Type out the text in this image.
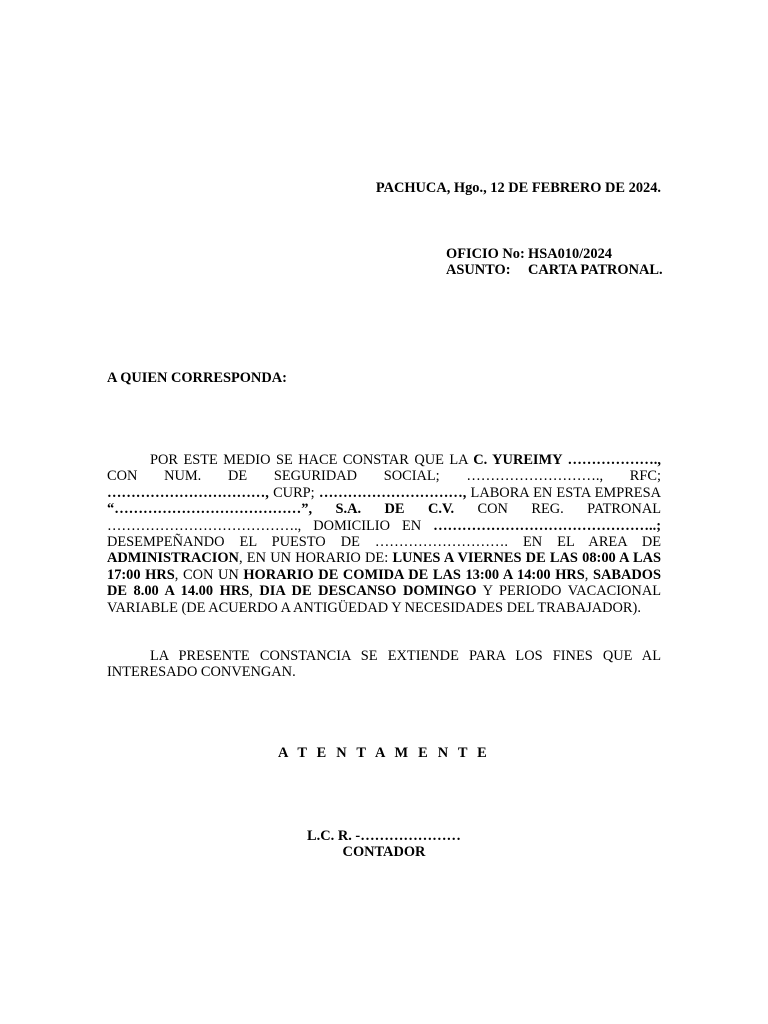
PACHUCA, Hgo., 12 DE FEBRERO DE 2024.
OFICIO No: HSA010/2024
ASUNTO: CARTA PATRONAL.
A QUIEN CORRESPONDA:

POR ESTE MEDIO SE HACE CONSTAR QUE LA C. YUREIMY ………………., CON NUM. DE SEGURIDAD SOCIAL; ………………………., RFC; ……………………………, CURP; …………………………, LABORA EN ESTA EMPRESA “…………………………………”, S.A. DE C.V. CON REG. PATRONAL …………………………………., DOMICILIO EN ………………………………………..; DESEMPEÑANDO EL PUESTO DE ………………………. EN EL AREA DE ADMINISTRACION, EN UN HORARIO DE: LUNES A VIERNES DE LAS 08:00 A LAS 17:00 HRS, CON UN HORARIO DE COMIDA DE LAS 13:00 A 14:00 HRS, SABADOS DE 8.00 A 14.00 HRS, DIA DE DESCANSO DOMINGO Y PERIODO VACACIONAL VARIABLE (DE ACUERDO A ANTIGÜEDAD Y NECESIDADES DEL TRABAJADOR).

LA PRESENTE CONSTANCIA SE EXTIENDE PARA LOS FINES QUE AL INTERESADO CONVENGAN.

A T E N T A M E N T E
L.C. R. -…………………
CONTADOR
